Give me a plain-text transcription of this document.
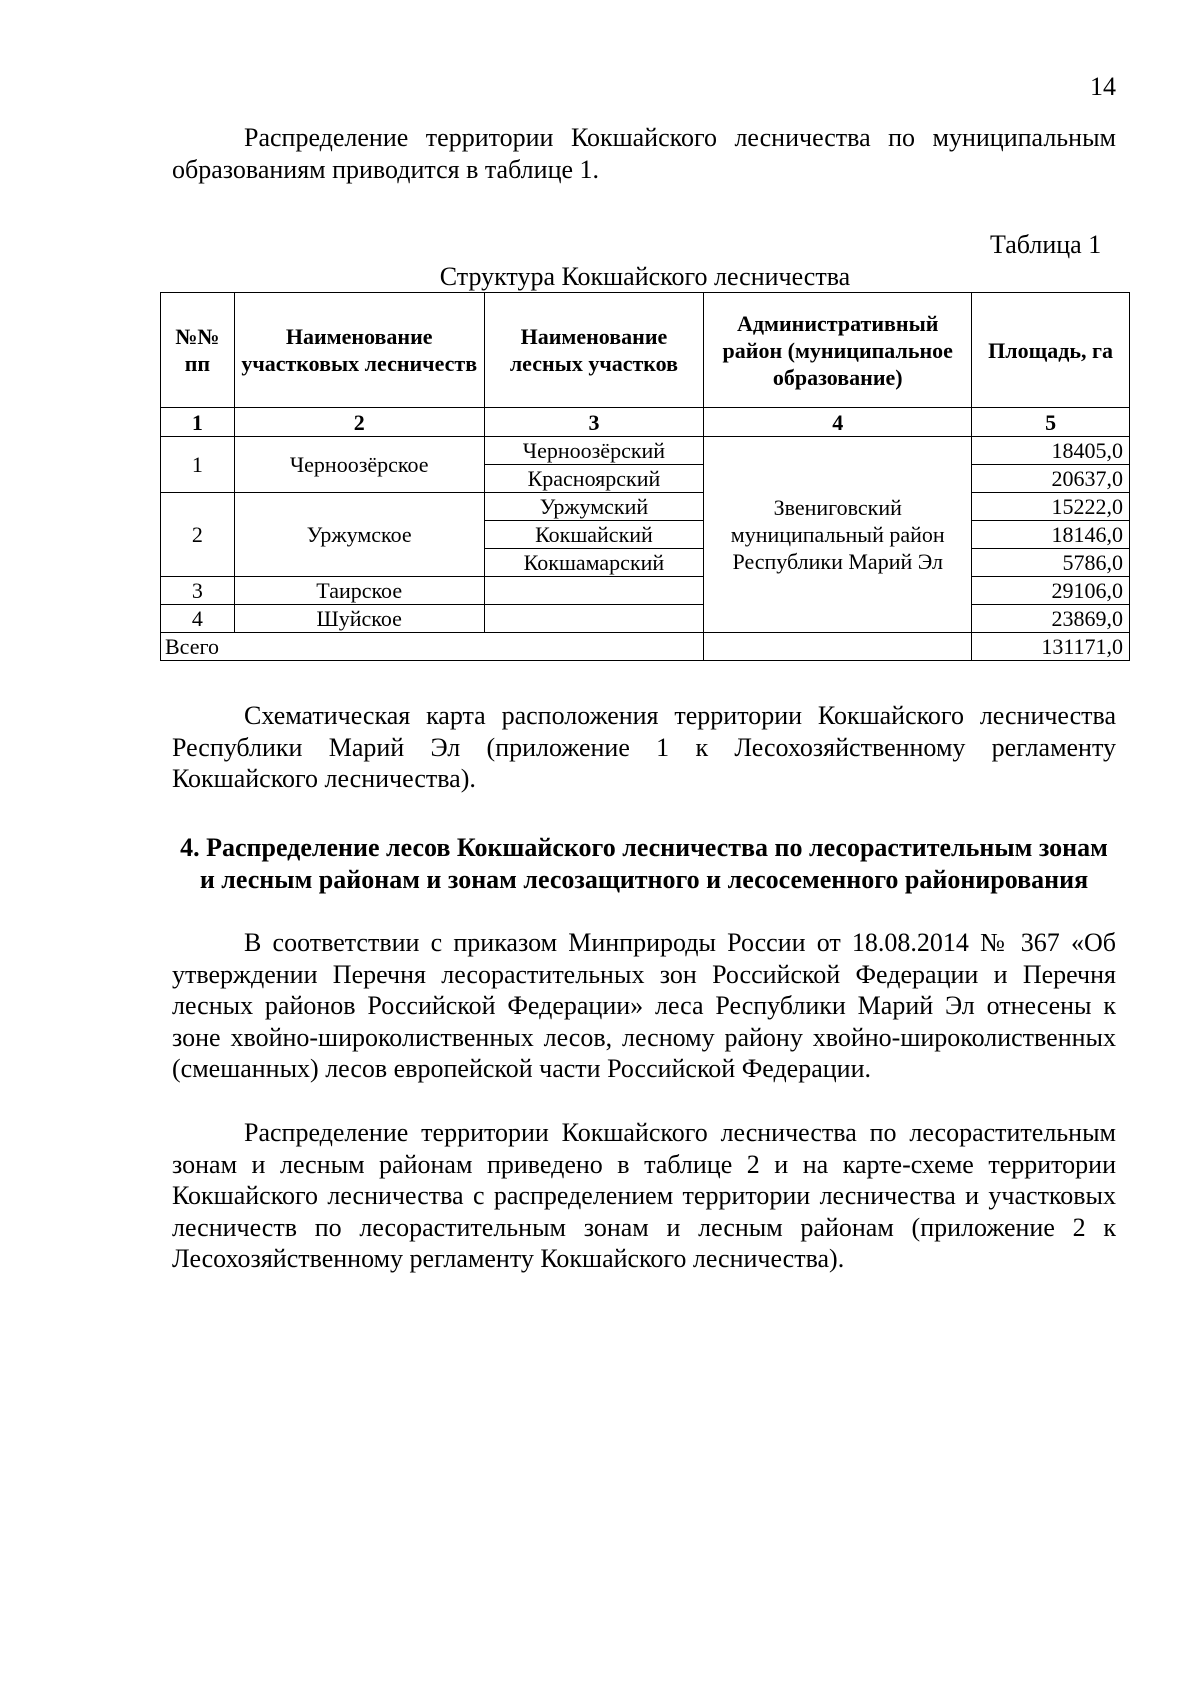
14

Распределение территории Кокшайского лесничества по муниципальным образованиям приводится в таблице 1.

Таблица 1
Структура Кокшайского лесничества
№№ пп	Наименование участковых лесничеств	Наименование лесных участков	Административный район (муниципальное образование)	Площадь, га
1	2	3	4	5
1	Черноозёрское	Черноозёрский	Звениговский муниципальный район Республики Марий Эл	18405,0
		Красноярский		20637,0
2	Уржумское	Уржумский		15222,0
		Кокшайский		18146,0
		Кокшамарский		5786,0
3	Таирское			29106,0
4	Шуйское			23869,0
Всего				131171,0

Схематическая карта расположения территории Кокшайского лесничества Республики Марий Эл (приложение 1 к Лесохозяйственному регламенту Кокшайского лесничества).

4. Распределение лесов Кокшайского лесничества по лесорастительным зонам и лесным районам и зонам лесозащитного и лесосеменного районирования

В соответствии с приказом Минприроды России от 18.08.2014 № 367 «Об утверждении Перечня лесорастительных зон Российской Федерации и Перечня лесных районов Российской Федерации» леса Республики Марий Эл отнесены к зоне хвойно-широколиственных лесов, лесному району хвойно-широколиственных (смешанных) лесов европейской части Российской Федерации.

Распределение территории Кокшайского лесничества по лесорастительным зонам и лесным районам приведено в таблице 2 и на карте-схеме территории Кокшайского лесничества с распределением территории лесничества и участковых лесничеств по лесорастительным зонам и лесным районам (приложение 2 к Лесохозяйственному регламенту Кокшайского лесничества).
